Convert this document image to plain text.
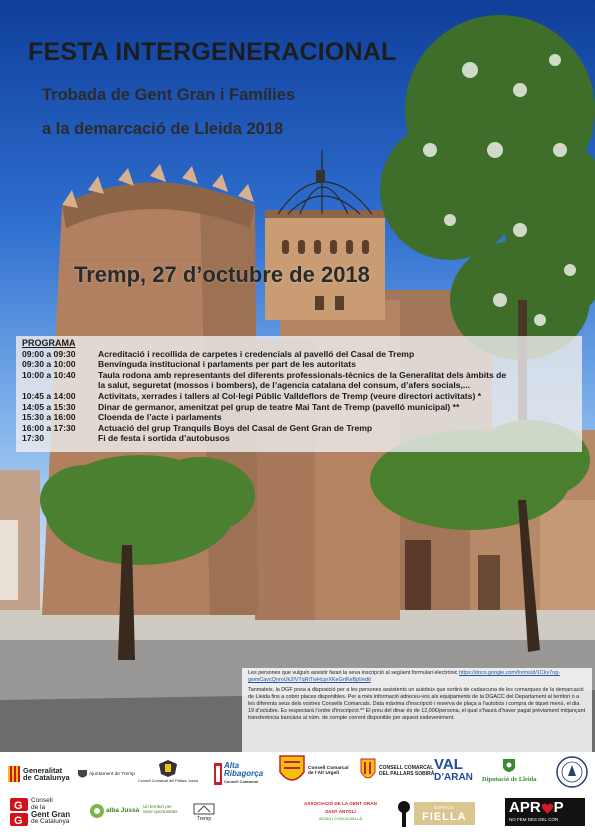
FESTA INTERGENERACIONAL
Trobada de Gent Gran i Famílies
a la demarcació de Lleida 2018
Tremp, 27 d’octubre de 2018
PROGRAMA
09:00 a 09:30	Acreditació i recollida de carpetes i credencials al pavelló del Casal de Tremp
09:30 a 10:00	Benvinguda institucional i parlaments per part de les autoritats
10:00 a 10:40	Taula rodona amb representants del diferents professionals-tècnics de la Generalitat dels àmbits de
la salut, seguretat (mossos i bombers), de l’agencia catalana del consum, d’afers socials,...
10:45 a 14:00	Activitats, xerrades i tallers al Col·legi Públic Valldeflors de Tremp (veure directori activitats) *
14:05 a 15:30	Dinar de germanor, amenitzat pel grup de teatre Mai Tant de Tremp (pavelló municipal) **
15:30 a 16:00	Cloenda de l’acte i parlaments
16:00 a 17:30	Actuació del grup Tranquils Boys del Casal de Gent Gran de Tremp
17:30	Fi de festa i sortida d’autobusos

Les persones que vulguin assistir faran la seva inscripció al següent formulari electrònic https://docs.google.com/forms/d/1Ckv7og-gwmCavcQnroUk2IVTqRtTwHcprXKeGrtKeBpI/edit

Tanmateix, la DGF posa a disposició per a les persones assistents un autobús que sortirà de cadascuna de les comarques de la demarcació de Lleida fins a cobrir places disponibles. Per a més informació adreceu-vos als equipaments de la DGACC del Departament al territori o a les diferents seus dels vostres Consells Comarcals. Data màxima d’inscripció i reserva de plaça a l’autobús i compra de tiquet menú, el dia 19 d’octubre. Es respectarà l’ordre d’inscripció.** El preu del dinar és de 12,00€/persona, el qual s’haurà d’haver pagat prèviament mitjançant transferència bancària al núm. de compte corrent disponible per aquest esdeveniment.

Generalitat
de Catalunya	Ajuntament de Tremp
Consell Comarcal del Pallars Jussà
Alta
Ribagorça
Consell Comarcal
Consell Comarcal
de l’Alt Urgell
CONSELL COMARCAL
DEL PALLARS SOBIRÀ
VAL
D’ARAN Diputació de Lleida
G
G
Consell
de la
Gent Gran
de Catalunya
alba Jussà
Un territori per
viure oportunitats
Tremp
ASSOCIACIÓ DE LA GENT GRAN
SANT ANTOLÍ
ISONA I CONCA DELLÀ
ESPACIO
FIELLA
APR P
NO FEM DES DEL COR
